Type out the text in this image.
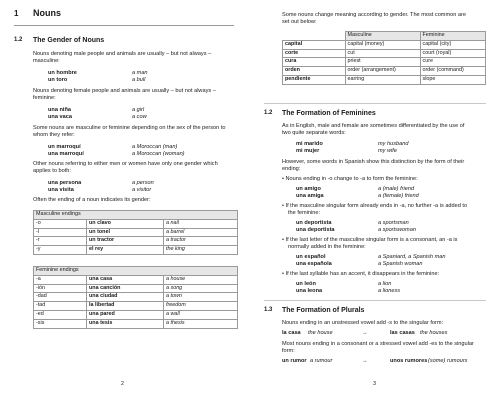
1 Nouns
1.2 The Gender of Nouns
Nouns denoting male people and animals are usually – but not always –
masculine:
un hombre	a man
un toro	a bull
Nouns denoting female people and animals are usually – but not always –
feminine:
una niña	a girl
una vaca	a cow
Some nouns are masculine or feminine depending on the sex of the person to
whom they refer:
un marroquí	a Moroccan (man)
una marroquí	a Moroccan (woman)
Other nouns referring to either men or women have only one gender which
applies to both:
una persona	a person
una visita	a visitor
Often the ending of a noun indicates its gender:
Masculine endings		
-o	un clavo	a nail
-l	un tonel	a barrel
-r	un tractor	a tractor
-y	el rey	the king
Feminine endings		
-a	una casa	a house
-ión	una canción	a song
-dad	una ciudad	a town
-tad	la libertad	freedom
-ed	una pared	a wall
-sis	una tesis	a thesis
2
Some nouns change meaning according to gender. The most common are
set out below:
	Masculine	Feminine
capital	capital (money)	capital (city)
corte	cut	court (royal)
cura	priest	cure
orden	order (arrangement)	order (command)
pendiente	earring	slope
1.2 The Formation of Feminines
As in English, male and female are sometimes differentiated by the use of
two quite separate words:
mi marido	my husband
mi mujer	my wife
However, some words in Spanish show this distinction by the form of their
ending:
• Nouns ending in -o change to -a to form the feminine:
un amigo	a (male) friend
una amiga	a (female) friend
• If the masculine singular form already ends in -a, no further -a is added to
the feminine:
un deportista	a sportsman
una deportista	a sportswoman
• If the last letter of the masculine singular form is a consonant, an -a is
normally added in the feminine:
un español	a Spaniard, a Spanish man
una española	a Spanish woman
• If the last syllable has an accent, it disappears in the feminine:
un león	a lion
una leona	a lioness
1.3 The Formation of Plurals
Nouns ending in an unstressed vowel add -s to the singular form:
la casa the house	→	las casas the houses
Most nouns ending in a consonant or a stressed vowel add -es to the singular
form:
un rumor a rumour	→	unos rumores (some) rumours
3
